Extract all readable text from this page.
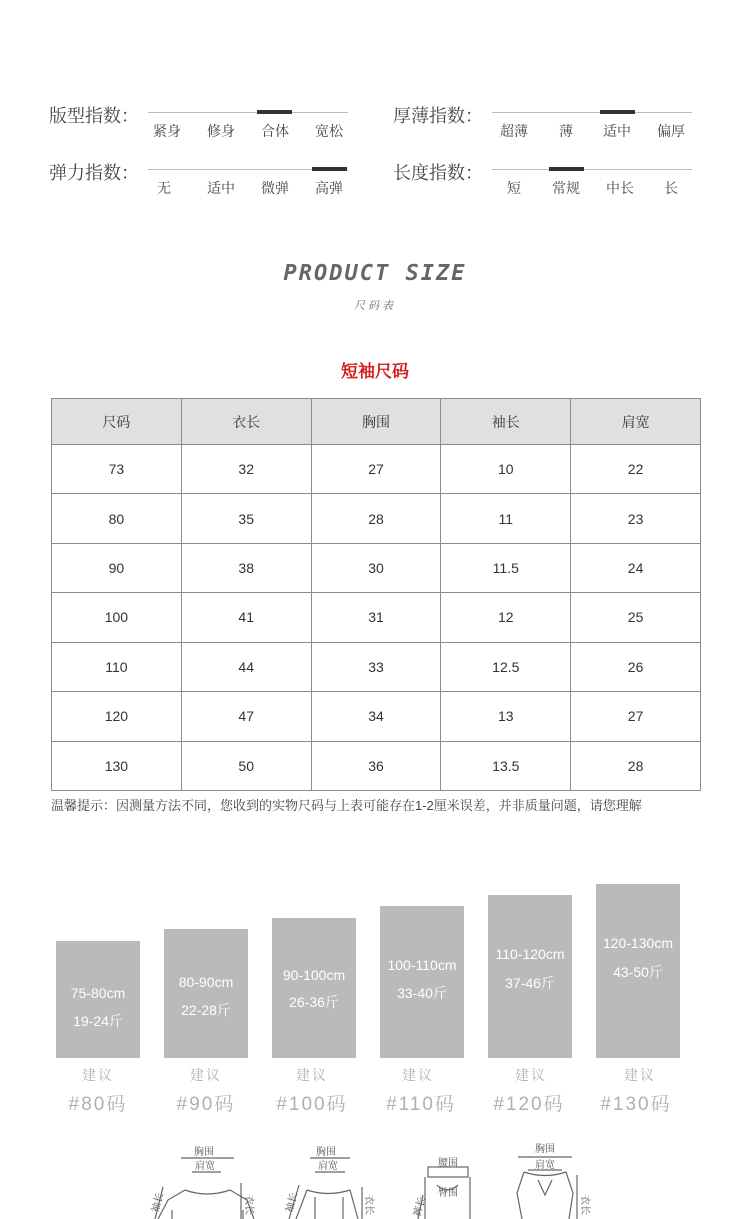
版型指数：
紧身	修身	合体	宽松
厚薄指数：
超薄	薄	适中	偏厚
弹力指数：
无	适中	微弹	高弹
长度指数：
短	常规	中长	长
PRODUCT SIZE
尺码表
短袖尺码
尺码	衣长	胸围	袖长	肩宽
73	32	27	10	22
80	35	28	11	23
90	38	30	11.5	24
100	41	31	12	25
110	44	33	12.5	26
120	47	34	13	27
130	50	36	13.5	28
温馨提示：因测量方法不同，您收到的实物尺码与上表可能存在1-2厘米误差，并非质量问题，请您理解
75-80cm
19-24斤
建议
#80码
80-90cm
22-28斤
建议
#90码
90-100cm
26-36斤
建议
#100码
100-110cm
33-40斤
建议
#110码
110-120cm
37-46斤
建议
#120码
120-130cm
43-50斤
建议
#130码
胸围
肩宽
袖长	衣长
胸围
肩宽
袖长	衣长
腰围
臀围
裤长
胸围
肩宽
衣长
